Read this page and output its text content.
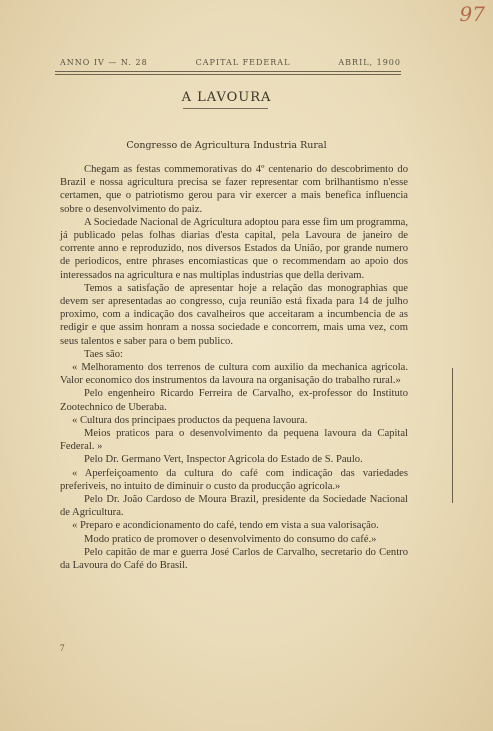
97
ANNO IV — N. 28	CAPITAL FEDERAL	ABRIL, 1900
A LAVOURA
Congresso de Agricultura Industria Rural

Chegam as festas commemorativas do 4º centenario do descobrimento do Brazil e nossa agricultura precisa se fazer representar com brilhantismo n'esse certamen, que o patriotismo gerou para vir exercer a mais benefica influencia sobre o desenvolvimento do paiz.

A Sociedade Nacional de Agricultura adoptou para esse fim um programma, já publicado pelas folhas diarias d'esta capital, pela Lavoura de janeiro de corrente anno e reproduzido, nos diversos Estados da União, por grande numero de periodicos, entre phrases encomiasticas que o recommendam ao apoio dos interessados na agricultura e nas multiplas industrias que della derivam.

Temos a satisfação de apresentar hoje a relação das monographias que devem ser apresentadas ao congresso, cuja reunião está fixada para 14 de julho proximo, com a indicação dos cavalheiros que acceitaram a incumbencia de as redigir e que assim honram a nossa sociedade e concorrem, mais uma vez, com seus talentos e saber para o bem publico.

Taes são:

« Melhoramento dos terrenos de cultura com auxilio da mechanica agricola. Valor economico dos instrumentos da lavoura na organisação do trabalho rural.»

Pelo engenheiro Ricardo Ferreira de Carvalho, ex-professor do Instituto Zootechnico de Uberaba.

« Cultura dos principaes productos da pequena lavoura.

Meios praticos para o desenvolvimento da pequena lavoura da Capital Federal. »

Pelo Dr. Germano Vert, Inspector Agricola do Estado de S. Paulo.

« Aperfeiçoamento da cultura do café com indicação das variedades preferiveis, no intuito de diminuir o custo da producção agricola.»

Pelo Dr. João Cardoso de Moura Brazil, presidente da Sociedade Nacional de Agricultura.

« Preparo e acondicionamento do café, tendo em vista a sua valorisação.

Modo pratico de promover o desenvolvimento do consumo do café.»

Pelo capitão de mar e guerra José Carlos de Carvalho, secretario do Centro da Lavoura do Café do Brasil.

7
